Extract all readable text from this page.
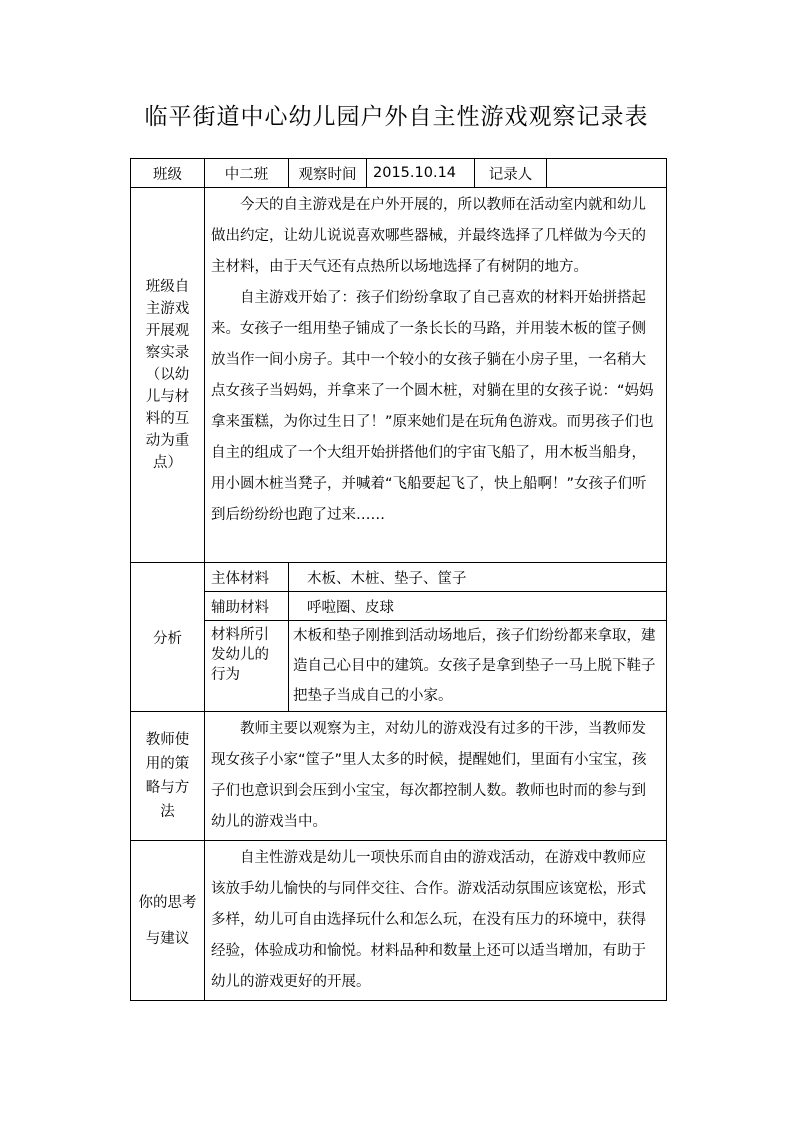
临平街道中心幼儿园户外自主性游戏观察记录表
班级	中二班	观察时间	2015.10.14	记录人	
班级自主游戏开展观察实录（以幼儿与材料的互动为重点）	今天的自主游戏是在户外开展的，所以教师在活动室内就和幼儿做出约定，让幼儿说说喜欢哪些器械，并最终选择了几样做为今天的主材料，由于天气还有点热所以场地选择了有树阴的地方。

自主游戏开始了：孩子们纷纷拿取了自己喜欢的材料开始拼搭起来。女孩子一组用垫子铺成了一条长长的马路，并用装木板的筐子侧放当作一间小房子。其中一个较小的女孩子躺在小房子里，一名稍大点女孩子当妈妈，并拿来了一个圆木桩，对躺在里的女孩子说：“妈妈拿来蛋糕，为你过生日了！”原来她们是在玩角色游戏。而男孩子们也自主的组成了一个大组开始拼搭他们的宇宙飞船了，用木板当船身，用小圆木桩当凳子，并喊着“飞船要起飞了，快上船啊！”女孩子们听到后纷纷纷也跑了过来……				

分析	主体材料	木板、木桩、垫子、筐子			
	辅助材料	呼啦圈、皮球			
	材料所引发幼儿的行为	木板和垫子刚推到活动场地后，孩子们纷纷都来拿取，建造自己心目中的建筑。女孩子是拿到垫子一马上脱下鞋子把垫子当成自己的小家。			
教师使用的策略与方法	教师主要以观察为主，对幼儿的游戏没有过多的干涉，当教师发现女孩子小家“筐子”里人太多的时候，提醒她们，里面有小宝宝，孩子们也意识到会压到小宝宝，每次都控制人数。教师也时而的参与到幼儿的游戏当中。				

你的思考与建议	自主性游戏是幼儿一项快乐而自由的游戏活动，在游戏中教师应该放手幼儿愉快的与同伴交往、合作。游戏活动氛围应该宽松，形式多样，幼儿可自由选择玩什么和怎么玩，在没有压力的环境中，获得经验，体验成功和愉悦。材料品种和数量上还可以适当增加，有助于幼儿的游戏更好的开展。				
